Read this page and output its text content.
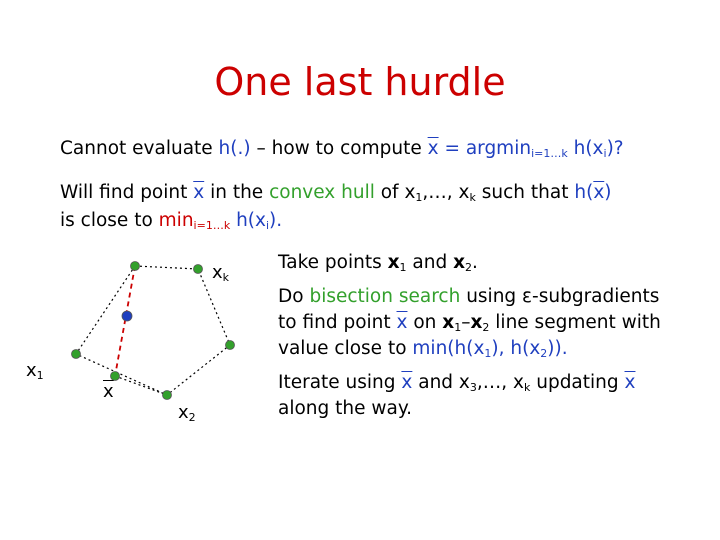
One last hurdle
Cannot evaluate h(.) – how to compute $\overline{x} = argmin_{i=1\dots k}$ $h(x_i)$?
Will find point $\overline{x}$ in the convex hull of $x_1,\dots$, $x_k$ such that $h(\overline{x})$
is close to $\min_{i=1\dots k} h(x_i)$.
$x_k$
$x_1$
$\overline{x}$
$x_2$
Take points $x_1$ and $x_2$.
Do bisection search using ε-subgradients
to find point $\overline{x}$ on $x_1-x_2$ line segment with
value close to $\min(h(x_1)$, $h(x_2)$).
Iterate using $\overline{x}$ and $x_3,\dots$, $x_k$ updating $\overline{x}$
along the way.
